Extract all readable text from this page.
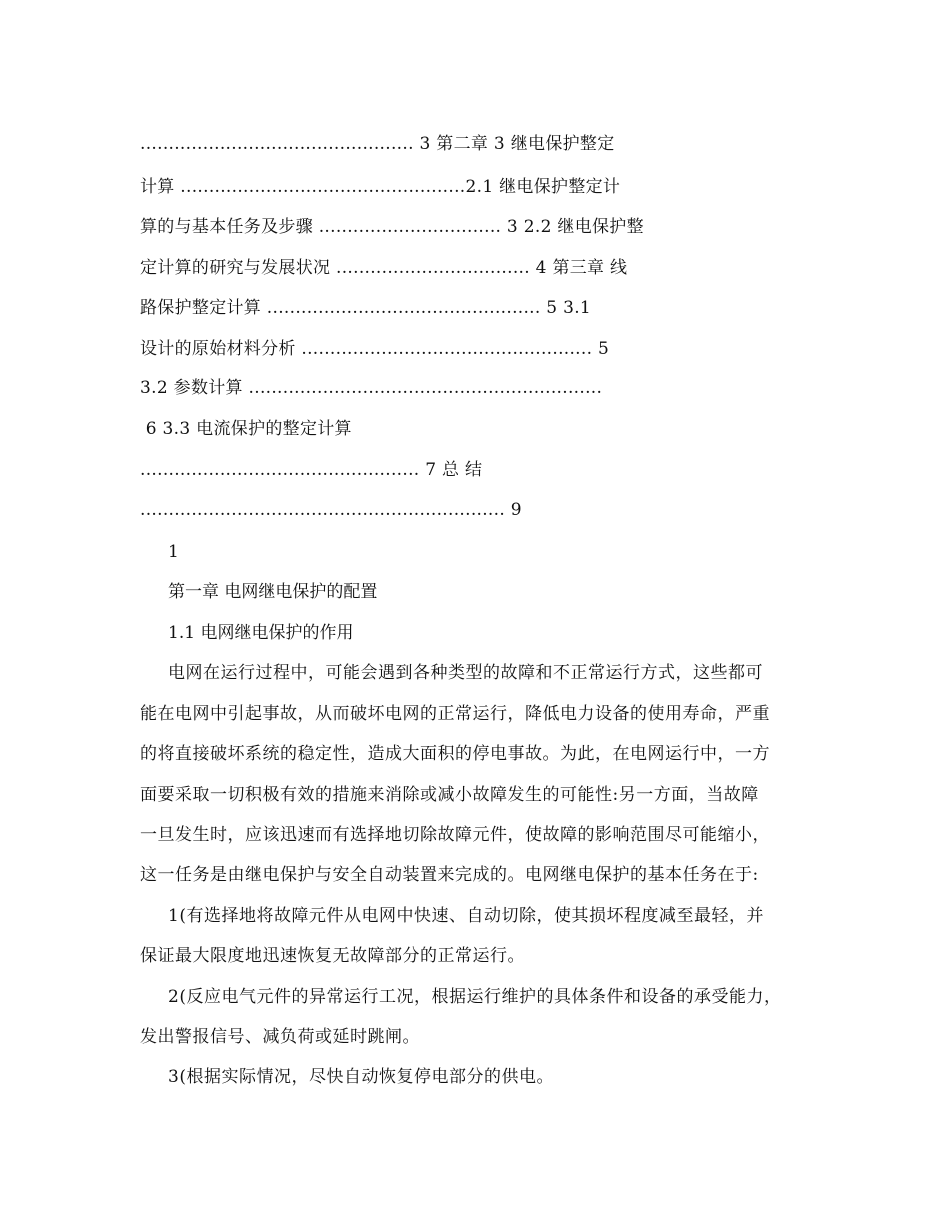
................................................ 3 第二章 3 继电保护整定
计算 ..................................................2.1 继电保护整定计
算的与基本任务及步骤 ................................ 3 2.2 继电保护整
定计算的研究与发展状况 .................................. 4 第三章 线
路保护整定计算 ................................................ 5 3.1
设计的原始材料分析 ................................................... 5
3.2 参数计算 ..............................................................
6 3.3 电流保护的整定计算
................................................. 7 总 结
................................................................ 9
1
第一章 电网继电保护的配置
1.1 电网继电保护的作用
电网在运行过程中，可能会遇到各种类型的故障和不正常运行方式，这些都可
能在电网中引起事故，从而破坏电网的正常运行，降低电力设备的使用寿命，严重
的将直接破坏系统的稳定性，造成大面积的停电事故。为此，在电网运行中，一方
面要采取一切积极有效的措施来消除或减小故障发生的可能性:另一方面，当故障
一旦发生时，应该迅速而有选择地切除故障元件，使故障的影响范围尽可能缩小，
这一任务是由继电保护与安全自动装置来完成的。电网继电保护的基本任务在于:
1(有选择地将故障元件从电网中快速、自动切除，使其损坏程度减至最轻，并
保证最大限度地迅速恢复无故障部分的正常运行。
2(反应电气元件的异常运行工况，根据运行维护的具体条件和设备的承受能力，
发出警报信号、减负荷或延时跳闸。
3(根据实际情况，尽快自动恢复停电部分的供电。
